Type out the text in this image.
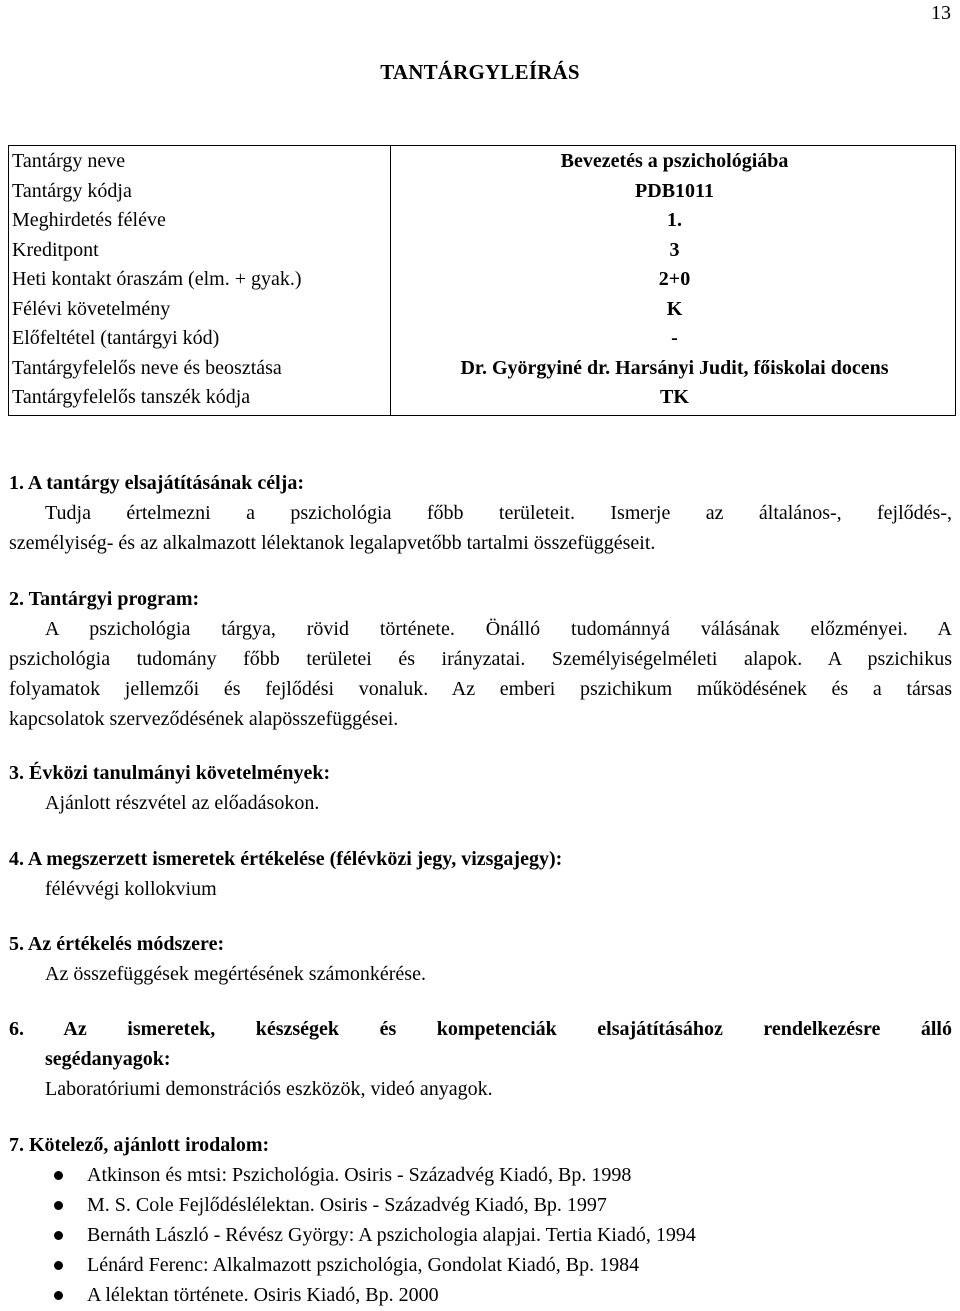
13
TANTÁRGYLEÍRÁS
Tantárgy neve	Bevezetés a pszichológiába
Tantárgy kódja	PDB1011
Meghirdetés féléve	1.
Kreditpont	3
Heti kontakt óraszám (elm. + gyak.)	2+0
Félévi követelmény	K
Előfeltétel (tantárgyi kód)	-
Tantárgyfelelős neve és beosztása	Dr. Györgyiné dr. Harsányi Judit, főiskolai docens
Tantárgyfelelős tanszék kódja	TK
1. A tantárgy elsajátításának célja:
Tudja értelmezni a pszichológia főbb területeit. Ismerje az általános-, fejlődés-,
személyiség- és az alkalmazott lélektanok legalapvetőbb tartalmi összefüggéseit.
2. Tantárgyi program:
A pszichológia tárgya, rövid története. Önálló tudománnyá válásának előzményei. A
pszichológia tudomány főbb területei és irányzatai. Személyiségelméleti alapok. A pszichikus
folyamatok jellemzői és fejlődési vonaluk. Az emberi pszichikum működésének és a társas
kapcsolatok szerveződésének alapösszefüggései.
3. Évközi tanulmányi követelmények:
Ajánlott részvétel az előadásokon.
4. A megszerzett ismeretek értékelése (félévközi jegy, vizsgajegy):
félévvégi kollokvium
5. Az értékelés módszere:
Az összefüggések megértésének számonkérése.
6. Az ismeretek, készségek és kompetenciák elsajátításához rendelkezésre álló
segédanyagok:
Laboratóriumi demonstrációs eszközök, videó anyagok.
7. Kötelező, ajánlott irodalom:
Atkinson és mtsi: Pszichológia. Osiris - Századvég Kiadó, Bp. 1998
M. S. Cole Fejlődéslélektan. Osiris - Századvég Kiadó, Bp. 1997
Bernáth László - Révész György: A pszichologia alapjai. Tertia Kiadó, 1994
Lénárd Ferenc: Alkalmazott pszichológia, Gondolat Kiadó, Bp. 1984
A lélektan története. Osiris Kiadó, Bp. 2000
